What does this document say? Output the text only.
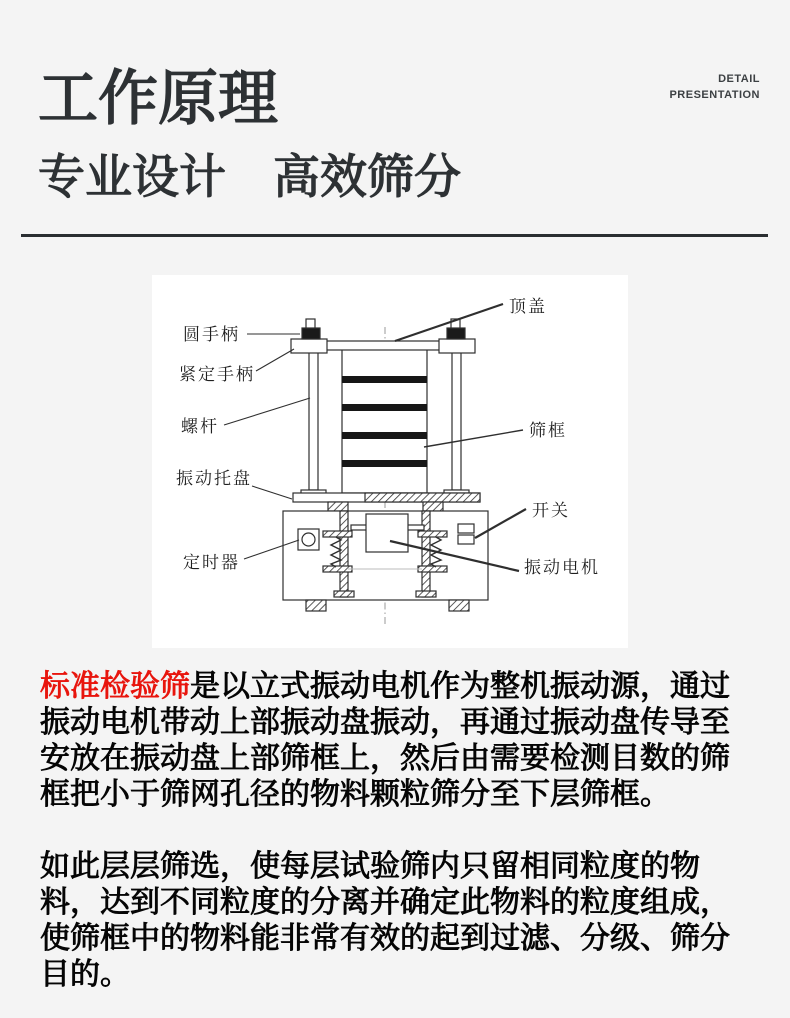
DETAIL
PRESENTATION
工作原理
专业设计　高效筛分
圆手柄
紧定手柄
螺杆
振动托盘
定时器
顶盖
筛框
开关
振动电机
标准检验筛是以立式振动电机作为整机振动源，通过
振动电机带动上部振动盘振动，再通过振动盘传导至
安放在振动盘上部筛框上，然后由需要检测目数的筛
框把小于筛网孔径的物料颗粒筛分至下层筛框。
如此层层筛选，使每层试验筛内只留相同粒度的物
料，达到不同粒度的分离并确定此物料的粒度组成，
使筛框中的物料能非常有效的起到过滤、分级、筛分
目的。
